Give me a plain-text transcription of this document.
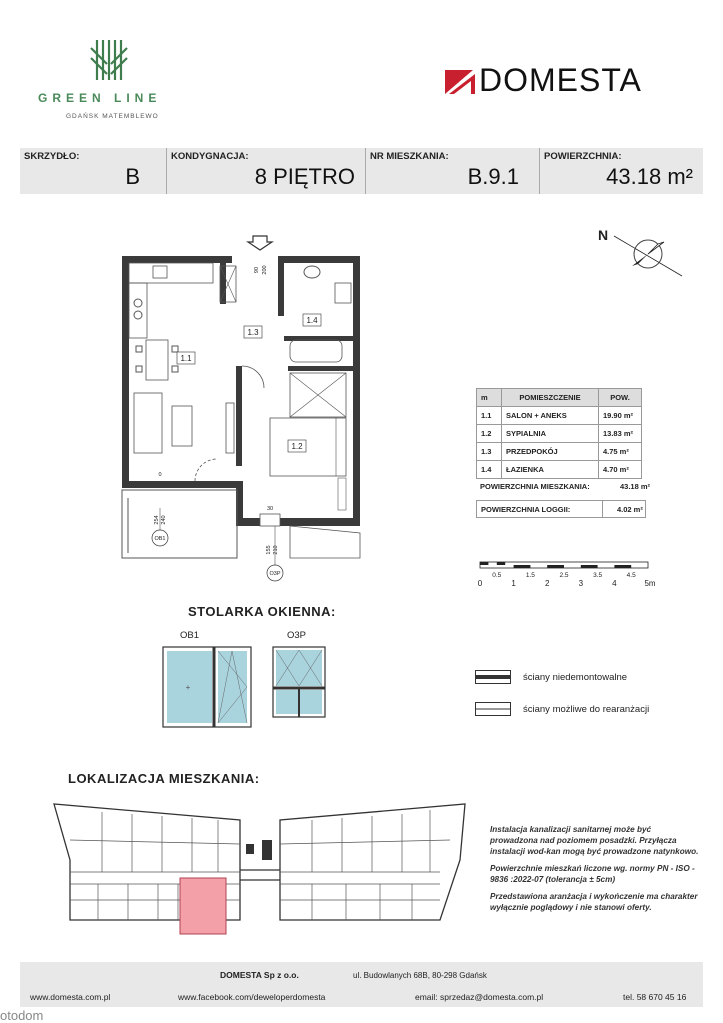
GREEN LINE
GDAŃSK MATEMBLEWO
DOMESTA
SKRZYDŁO:
B
KONDYGNACJA:
8 PIĘTRO
NR MIESZKANIA:
B.9.1
POWIERZCHNIA:
43.18 m²
1.3
1.1
1.4
1.2
90 200
0
254 240
30
155 210
OB1
O3P
N
m	POMIESZCZENIE	POW.
1.1	SALON + ANEKS	19.90 m²
1.2	SYPIALNIA	13.83 m²
1.3	PRZEDPOKÓJ	4.75 m²
1.4	ŁAZIENKA	4.70 m²
POWIERZCHNIA MIESZKANIA:	43.18 m²
POWIERZCHNIA LOGGII:	4.02 m²
0.5	1.5	2.5	3.5	4.5
0	1	2	3	4	5m
STOLARKA OKIENNA:
OB1	O3P
+
ściany niedemontowalne
ściany możliwe do rearanżacji
LOKALIZACJA MIESZKANIA:

Instalacja kanalizacji sanitarnej może być prowadzona nad poziomem posadzki. Przyłącza instalacji wod-kan mogą być prowadzone natynkowo.

Powierzchnie mieszkań liczone wg. normy PN - ISO - 9836 :2022-07 (tolerancja ± 5cm)

Przedstawiona aranżacja i wykończenie ma charakter wyłącznie poglądowy i nie stanowi oferty.

DOMESTA Sp z o.o.	ul. Budowlanych 68B, 80-298 Gdańsk
www.domesta.com.pl	www.facebook.com/deweloperdomesta	email: sprzedaz@domesta.com.pl	tel. 58 670 45 16
otodom
